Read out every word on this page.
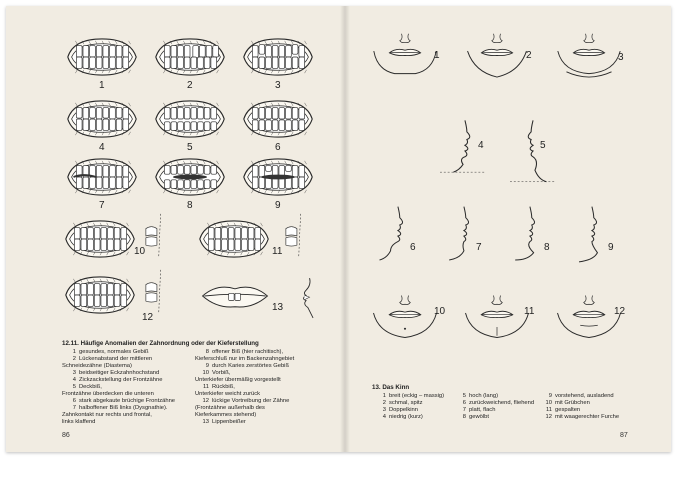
1	2	3
4	5	6
7	8	9
10	11
13
12
12.11. Häufige Anomalien der Zahnordnung oder der Kieferstellung
1 gesundes, normales Gebiß
2 Lückenabstand der mittleren
Schneidezähne (Diastema)
3 beidseitiger Eckzahnhochstand
4 Zickzackstellung der Frontzähne
5 Deckbiß,
Frontzähne überdecken die unteren
6 stark abgekaute brüchige Frontzähne
7 halboffener Biß links (Dysgnathie).
Zahnkontakt nur rechts und frontal,
links klaffend
8 offener Biß (hier rachitisch),
Kieferschluß nur im Backenzahngebiet
9 durch Karies zerstörtes Gebiß
10 Vorbiß,
Unterkiefer übermäßig vorgestellt
11 Rückbiß,
Unterkiefer weicht zurück
12 lückige Vortreibung der Zähne
(Frontzähne außerhalb des
Kieferkammes stehend)
13 Lippenbeißer
86
1	2	3
4	5
6	7	8	9
10	11	12
13. Das Kinn
1 breit (eckig – massig)
2 schmal, spitz
3 Doppelkinn
4 niedrig (kurz)
5 hoch (lang)
6 zurückweichend, fliehend
7 platt, flach
8 gewölbt
9 vorstehend, ausladend
10 mit Grübchen
11 gespalten
12 mit waagerechter Furche
87
